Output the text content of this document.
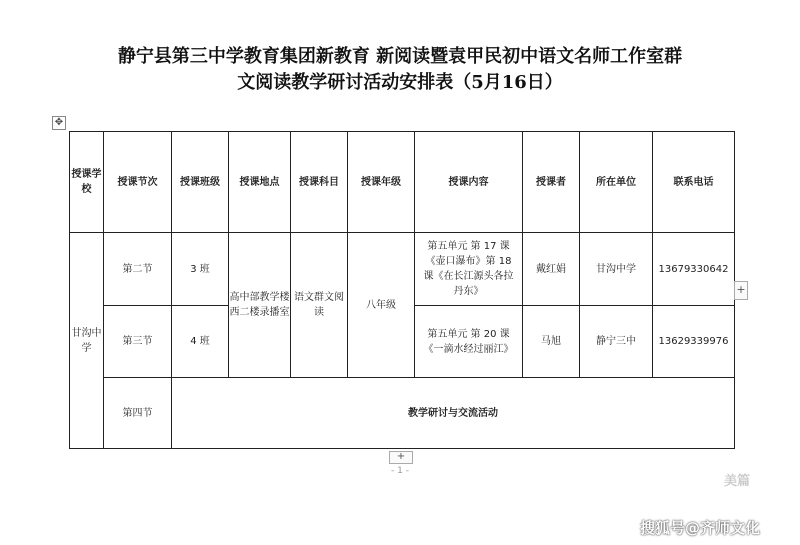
静宁县第三中学教育集团新教育 新阅读暨袁甲民初中语文名师工作室群
文阅读教学研讨活动安排表（5月16日）
✥
授课学校	授课节次	授课班级	授课地点	授课科目	授课年级	授课内容	授课者	所在单位	联系电话
甘沟中学	第二节	3 班	高中部教学楼西二楼录播室	语文群文阅读	八年级	第五单元 第 17 课《壶口瀑布》第 18 课《在长江源头各拉丹东》	戴红娟	甘沟中学	13679330642
	第三节	4 班				第五单元 第 20 课《一滴水经过丽江》	马旭	静宁三中	13629339976
	第四节	教学研讨与交流活动							
+
+
- 1 -
美篇
搜狐号@齐师文化
